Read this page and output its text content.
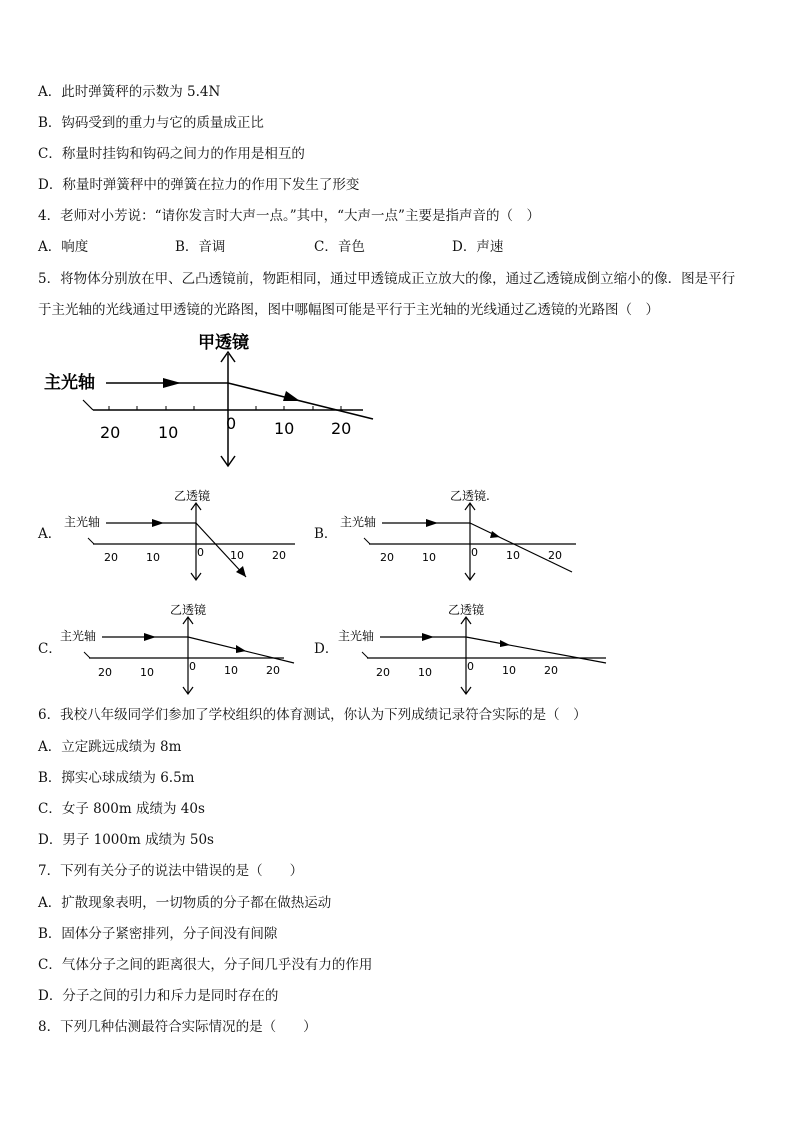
A．此时弹簧秤的示数为 5.4N
B．钩码受到的重力与它的质量成正比
C．称量时挂钩和钩码之间力的作用是相互的
D．称量时弹簧秤中的弹簧在拉力的作用下发生了形变
4．老师对小芳说：“请你发言时大声一点。”其中，“大声一点”主要是指声音的（　）
A．响度	B．音调	C．音色	D．声速
5．将物体分别放在甲、乙凸透镜前，物距相同，通过甲透镜成正立放大的像，通过乙透镜成倒立缩小的像．图是平行
于主光轴的光线通过甲透镜的光路图，图中哪幅图可能是平行于主光轴的光线通过乙透镜的光路图（　）
甲透镜
主光轴
20 10	0 10 20
A．
乙透镜
主光轴
20	10	0 10	20
B．
乙透镜.
主光轴
20	10	0	10	20
C．
乙透镜
主光轴
20	10	0	10	20
D．
乙透镜
主光轴
20	10	0	10	20
6．我校八年级同学们参加了学校组织的体育测试，你认为下列成绩记录符合实际的是（　）
A．立定跳远成绩为 8m
B．掷实心球成绩为 6.5m
C．女子 800m 成绩为 40s
D．男子 1000m 成绩为 50s
7．下列有关分子的说法中错误的是（　　）
A．扩散现象表明，一切物质的分子都在做热运动
B．固体分子紧密排列，分子间没有间隙
C．气体分子之间的距离很大，分子间几乎没有力的作用
D．分子之间的引力和斥力是同时存在的
8．下列几种估测最符合实际情况的是（　　）
